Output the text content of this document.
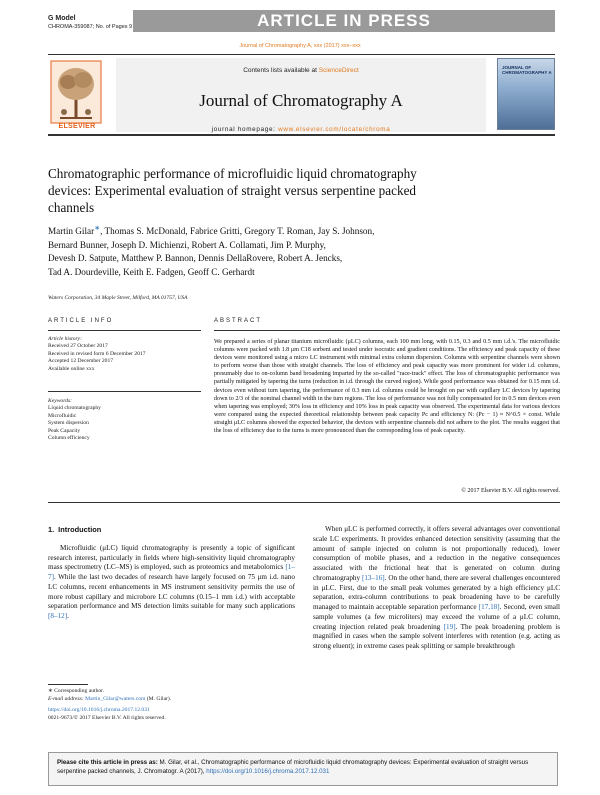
G Model
CHROMA-359087; No. of Pages 9	ARTICLE IN PRESS
Journal of Chromatography A, xxx (2017) xxx–xxx
ELSEVIER
Contents lists available at ScienceDirect
Journal of Chromatography A
journal homepage: www.elsevier.com/locate/chroma
JOURNAL OF CHROMATOGRAPHY A
Chromatographic performance of microfluidic liquid chromatography
devices: Experimental evaluation of straight versus serpentine packed
channels
Martin Gilar∗, Thomas S. McDonald, Fabrice Gritti, Gregory T. Roman, Jay S. Johnson,
Bernard Bunner, Joseph D. Michienzi, Robert A. Collamati, Jim P. Murphy,
Devesh D. Satpute, Matthew P. Bannon, Dennis DellaRovere, Robert A. Jencks,
Tad A. Dourdeville, Keith E. Fadgen, Geoff C. Gerhardt
Waters Corporation, 34 Maple Street, Milford, MA 01757, USA
ARTICLE INFO	ABSTRACT
Article history:
Received 27 October 2017
Received in revised form 6 December 2017
Accepted 12 December 2017
Available online xxx
Keywords:
Liquid chromatography
Microfluidic
System dispersion
Peak Capacity
Column efficiency
We prepared a series of planar titanium microfluidic (μLC) columns, each 100 mm long, with 0.15, 0.3 and 0.5 mm i.d.'s. The microfluidic columns were packed with 1.8 μm C18 sorbent and tested under isocratic and gradient conditions. The efficiency and peak capacity of these devices were monitored using a micro LC instrument with minimal extra column dispersion. Columns with serpentine channels were shown to perform worse than those with straight channels. The loss of efficiency and peak capacity was more prominent for wider i.d. columns, presumably due to on-column band broadening imparted by the so-called "race-track" effect. The loss of chromatographic performance was partially mitigated by tapering the turns (reduction in i.d. through the curved region). While good performance was obtained for 0.15 mm i.d. devices even without turn tapering, the performance of 0.3 mm i.d. columns could be brought on par with capillary LC devices by tapering down to 2/3 of the nominal channel width in the turn regions. The loss of performance was not fully compensated for in 0.5 mm devices even when tapering was employed; 30% loss in efficiency and 10% loss in peak capacity was observed. The experimental data for various devices were compared using the expected theoretical relationship between peak capacity Pc and efficiency N: (Pc − 1) ≈ N^0.5 × const. While straight μLC columns showed the expected behavior, the devices with serpentine channels did not adhere to the plot. The results suggest that the loss of efficiency due to the turns is more pronounced than the corresponding loss of peak capacity.
© 2017 Elsevier B.V. All rights reserved.
1. Introduction

Microfluidic (μLC) liquid chromatography is presently a topic of significant research interest, particularly in fields where high-sensitivity liquid chromatography mass spectrometry (LC–MS) is employed, such as proteomics and metabolomics [1–7]. While the last two decades of research have largely focused on 75 μm i.d. nano LC columns, recent enhancements in MS instrument sensitivity permits the use of more robust capillary and microbore LC columns (0.15–1 mm i.d.) with acceptable separation performance and MS detection limits suitable for many such applications [8–12].

When μLC is performed correctly, it offers several advantages over conventional scale LC experiments. It provides enhanced detection sensitivity (assuming that the amount of sample injected on column is not proportionally reduced), lower consumption of mobile phases, and a reduction in the negative consequences associated with the frictional heat that is generated on column during chromatography [13–16]. On the other hand, there are several challenges encountered in μLC. First, due to the small peak volumes generated by a high efficiency μLC separation, extra-column contributions to peak broadening have to be carefully managed to maintain acceptable separation performance [17,18]. Second, even small sample volumes (a few microliters) may exceed the volume of a μLC column, creating injection related peak broadening [19]. The peak broadening problem is magnified in cases when the sample solvent interferes with retention (e.g. acting as strong eluent); in extreme cases peak splitting or sample breakthrough

∗ Corresponding author.
E-mail address: Martin_Gilar@waters.com (M. Gilar).
https://doi.org/10.1016/j.chroma.2017.12.031
0021-9673/© 2017 Elsevier B.V. All rights reserved.
Please cite this article in press as: M. Gilar, et al., Chromatographic performance of microfluidic liquid chromatography devices: Experimental evaluation of straight versus serpentine packed channels, J. Chromatogr. A (2017), https://doi.org/10.1016/j.chroma.2017.12.031
